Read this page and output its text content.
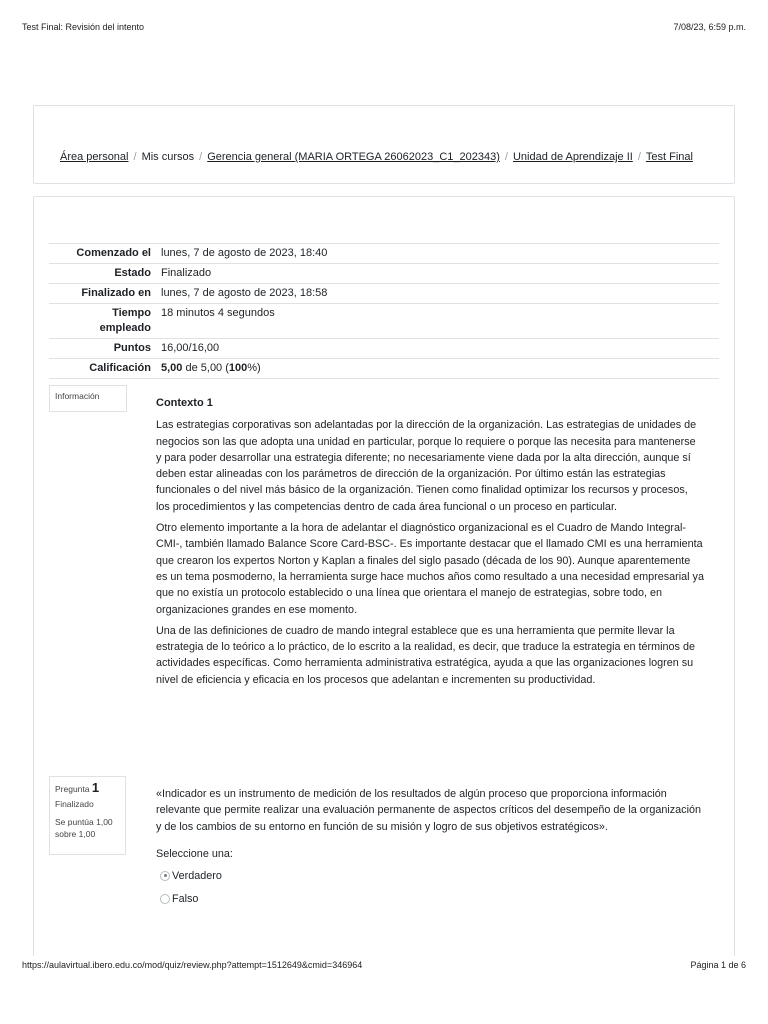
Test Final: Revisión del intento	7/08/23, 6:59 p.m.
Área personal / Mis cursos / Gerencia general (MARIA ORTEGA 26062023_C1_202343) / Unidad de Aprendizaje II / Test Final
Comenzado el	lunes, 7 de agosto de 2023, 18:40
Estado	Finalizado
Finalizado en	lunes, 7 de agosto de 2023, 18:58
Tiempo
empleado	18 minutos 4 segundos
Puntos	16,00/16,00
Calificación	5,00 de 5,00 (100%)
Información
Contexto 1

Las estrategias corporativas son adelantadas por la dirección de la organización. Las estrategias de unidades de negocios son las que adopta una unidad en particular, porque lo requiere o porque las necesita para mantenerse y para poder desarrollar una estrategia diferente; no necesariamente viene dada por la alta dirección, aunque sí deben estar alineadas con los parámetros de dirección de la organización. Por último están las estrategias funcionales o del nivel más básico de la organización. Tienen como finalidad optimizar los recursos y procesos, los procedimientos y las competencias dentro de cada área funcional o un proceso en particular.

Otro elemento importante a la hora de adelantar el diagnóstico organizacional es el Cuadro de Mando Integral-CMI-, también llamado Balance Score Card-BSC-. Es importante destacar que el llamado CMI es una herramienta que crearon los expertos Norton y Kaplan a finales del siglo pasado (década de los 90). Aunque aparentemente es un tema posmoderno, la herramienta surge hace muchos años como resultado a una necesidad empresarial ya que no existía un protocolo establecido o una línea que orientara el manejo de estrategias, sobre todo, en organizaciones grandes en ese momento.

Una de las definiciones de cuadro de mando integral establece que es una herramienta que permite llevar la estrategia de lo teórico a lo práctico, de lo escrito a la realidad, es decir, que traduce la estrategia en términos de actividades específicas. Como herramienta administrativa estratégica, ayuda a que las organizaciones logren su nivel de eficiencia y eficacia en los procesos que adelantan e incrementen su productividad.

Pregunta 1
Finalizado
Se puntúa 1,00 sobre 1,00
«Indicador es un instrumento de medición de los resultados de algún proceso que proporciona información relevante que permite realizar una evaluación permanente de aspectos críticos del desempeño de la organización y de los cambios de su entorno en función de su misión y logro de sus objetivos estratégicos».
Seleccione una:
Verdadero
Falso
https://aulavirtual.ibero.edu.co/mod/quiz/review.php?attempt=1512649&cmid=346964	Página 1 de 6
